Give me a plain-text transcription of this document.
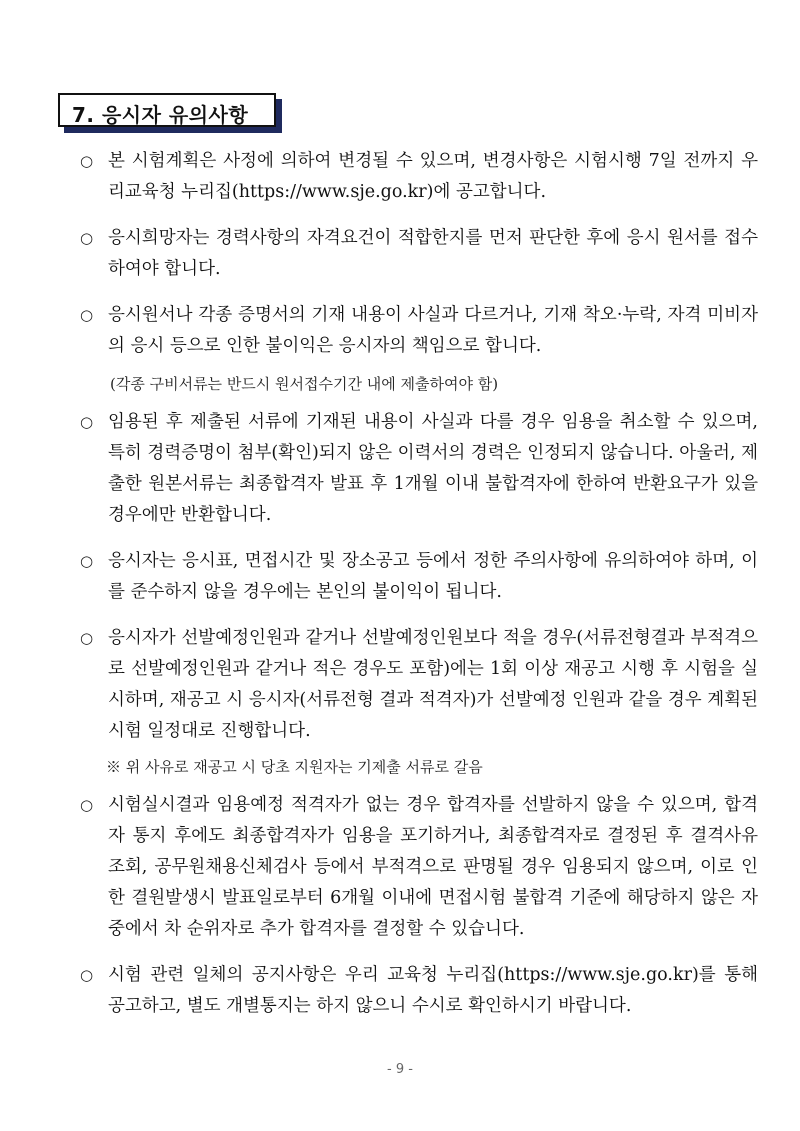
7. 응시자 유의사항
○ 본 시험계획은 사정에 의하여 변경될 수 있으며, 변경사항은 시험시행 7일 전까지 우리교육청 누리집(https://www.sje.go.kr)에 공고합니다.
○ 응시희망자는 경력사항의 자격요건이 적합한지를 먼저 판단한 후에 응시 원서를 접수하여야 합니다.
○ 응시원서나 각종 증명서의 기재 내용이 사실과 다르거나, 기재 착오·누락, 자격 미비자의 응시 등으로 인한 불이익은 응시자의 책임으로 합니다.
(각종 구비서류는 반드시 원서접수기간 내에 제출하여야 함)
○ 임용된 후 제출된 서류에 기재된 내용이 사실과 다를 경우 임용을 취소할 수 있으며, 특히 경력증명이 첨부(확인)되지 않은 이력서의 경력은 인정되지 않습니다. 아울러, 제출한 원본서류는 최종합격자 발표 후 1개월 이내 불합격자에 한하여 반환요구가 있을 경우에만 반환합니다.
○ 응시자는 응시표, 면접시간 및 장소공고 등에서 정한 주의사항에 유의하여야 하며, 이를 준수하지 않을 경우에는 본인의 불이익이 됩니다.
○ 응시자가 선발예정인원과 같거나 선발예정인원보다 적을 경우(서류전형결과 부적격으로 선발예정인원과 같거나 적은 경우도 포함)에는 1회 이상 재공고 시행 후 시험을 실시하며, 재공고 시 응시자(서류전형 결과 적격자)가 선발예정 인원과 같을 경우 계획된 시험 일정대로 진행합니다.
※ 위 사유로 재공고 시 당초 지원자는 기제출 서류로 갈음
○ 시험실시결과 임용예정 적격자가 없는 경우 합격자를 선발하지 않을 수 있으며, 합격자 통지 후에도 최종합격자가 임용을 포기하거나, 최종합격자로 결정된 후 결격사유 조회, 공무원채용신체검사 등에서 부적격으로 판명될 경우 임용되지 않으며, 이로 인한 결원발생시 발표일로부터 6개월 이내에 면접시험 불합격 기준에 해당하지 않은 자 중에서 차 순위자로 추가 합격자를 결정할 수 있습니다.
○ 시험 관련 일체의 공지사항은 우리 교육청 누리집(https://www.sje.go.kr)를 통해 공고하고, 별도 개별통지는 하지 않으니 수시로 확인하시기 바랍니다.
- 9 -
